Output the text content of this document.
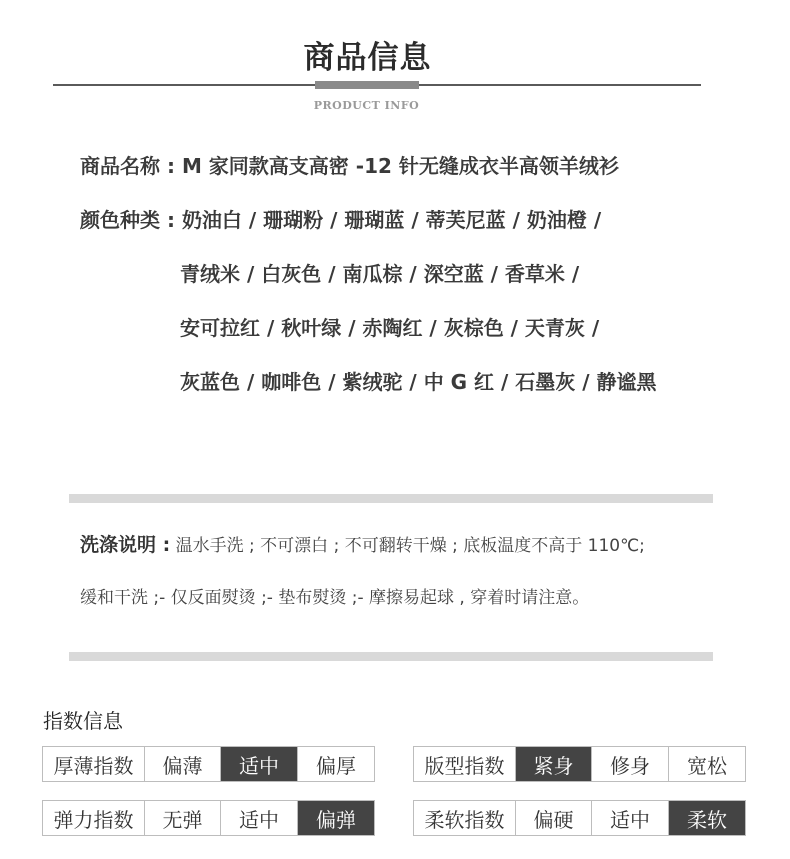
商品信息
PRODUCT INFO
商品名称 : M 家同款高支高密 -12 针无缝成衣半高领羊绒衫
颜色种类 : 奶油白 / 珊瑚粉 / 珊瑚蓝 / 蒂芙尼蓝 / 奶油橙 /
青绒米 / 白灰色 / 南瓜棕 / 深空蓝 / 香草米 /
安可拉红 / 秋叶绿 / 赤陶红 / 灰棕色 / 天青灰 /
灰蓝色 / 咖啡色 / 紫绒驼 / 中 G 红 / 石墨灰 / 静谧黑
洗涤说明 : 温水手洗 ; 不可漂白 ; 不可翻转干燥 ; 底板温度不高于 110℃;
缓和干洗 ;- 仅反面熨烫 ;- 垫布熨烫 ;- 摩擦易起球 , 穿着时请注意。
指数信息
厚薄指数	偏薄	适中	偏厚	版型指数	紧身	修身	宽松
弹力指数	无弹	适中	偏弹	柔软指数	偏硬	适中	柔软
